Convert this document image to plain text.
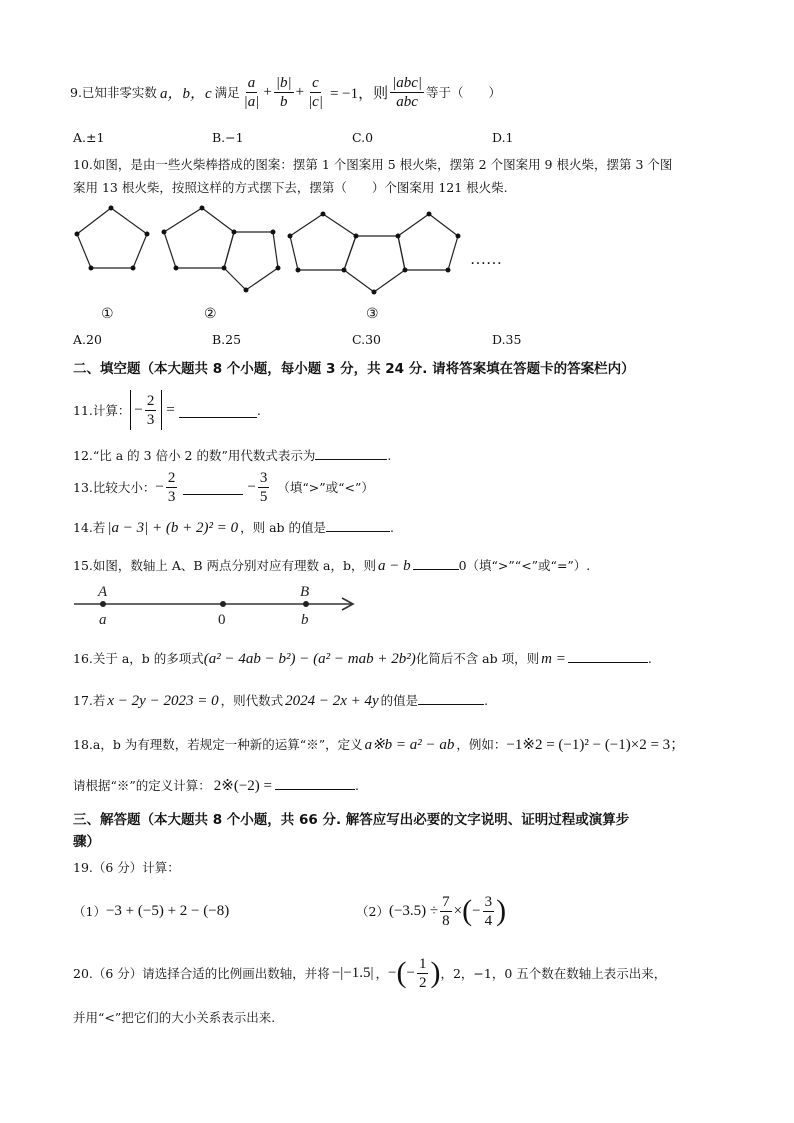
9.已知非零实数 a，b，c 满足 $\frac{a}{|a|} + \frac{|b|}{b} + \frac{c}{|c|} = -1$，则 $\frac{\text{|abc|}}{\text{abc}}$ 等于（　　）
A.±1	B.−1	C.0	D.1
10.如图，是由一些火柴棒搭成的图案：摆第 1 个图案用 5 根火柴，摆第 2 个图案用 9 根火柴，摆第 3 个图
案用 13 根火柴，按照这样的方式摆下去，摆第（　　）个图案用 121 根火柴.
……
①	②	③
A.20	B.25	C.30	D.35
二、填空题（本大题共 8 个小题，每小题 3 分，共 24 分. 请将答案填在答题卡的答案栏内）
11.计算： − $\frac{2}{3}$ =	.
12.“比 a 的 3 倍小 2 的数”用代数式表示为	.
13.比较大小： − $\frac{2}{3}$	− $\frac{3}{5}$ （填“>”或“<”）
14.若 |a − 3| + (b + 2)² = 0 ，则 ab 的值是	.
15.如图，数轴上 A、B 两点分别对应有理数 a，b，则 a − b	0（填“>”“<”或“=”）.
A
a	0
B
b
16.关于 a，b 的多项式 (a² − 4ab − b²) − (a² − mab + 2b²) 化简后不含 ab 项，则 m =	.
17.若 x − 2y − 2023 = 0 ，则代数式 2024 − 2x + 4y 的值是	.
18.a，b 为有理数，若规定一种新的运算“※”，定义 a※b = a² − ab ，例如： −1※2 = (−1)² − (−1)×2 = 3；
请根据“※”的定义计算： 2※(−2) =	.
三、解答题（本大题共 8 个小题，共 66 分. 解答应写出必要的文字说明、证明过程或演算步
骤）
19.（6 分）计算：
（1） −3 + (−5) + 2 − (−8)	（2） $(-3.5) \div \frac{7}{8}$ × ( − $\frac{3}{4}$ )
20.（6 分）请选择合适的比例画出数轴，并将 −|−1.5| ， − ( − $\frac{1}{2}$ ) ，2，−1，0 五个数在数轴上表示出来，
并用“<”把它们的大小关系表示出来.
